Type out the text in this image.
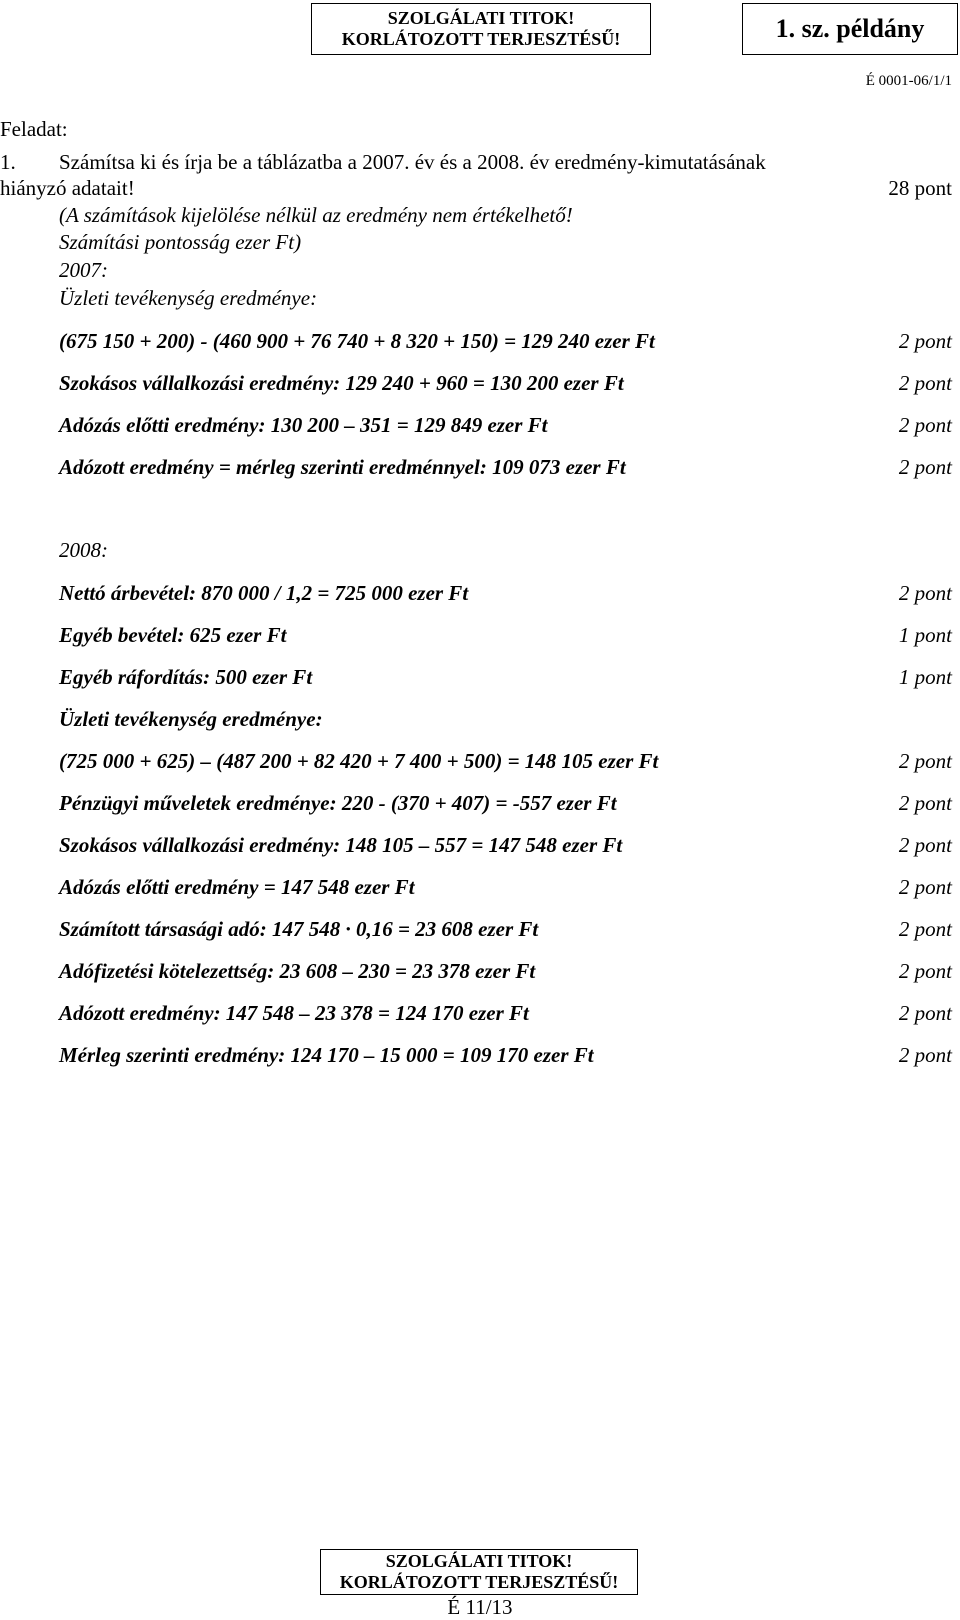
SZOLGÁLATI TITOK!
KORLÁTOZOTT TERJESZTÉSŰ!	1. sz. példány
É 0001-06/1/1
Feladat:
1. Számítsa ki és írja be a táblázatba a 2007. év és a 2008. év eredmény-kimutatásának
hiányzó adatait!	28 pont
(A számítások kijelölése nélkül az eredmény nem értékelhető!
Számítási pontosság ezer Ft)
2007:
Üzleti tevékenység eredménye:
(675 150 + 200) - (460 900 + 76 740 + 8 320 + 150) = 129 240 ezer Ft	2 pont
Szokásos vállalkozási eredmény: 129 240 + 960 = 130 200 ezer Ft	2 pont
Adózás előtti eredmény: 130 200 – 351 = 129 849 ezer Ft	2 pont
Adózott eredmény = mérleg szerinti eredménnyel: 109 073 ezer Ft	2 pont
2008:
Nettó árbevétel: 870 000 / 1,2 = 725 000 ezer Ft	2 pont
Egyéb bevétel: 625 ezer Ft	1 pont
Egyéb ráfordítás: 500 ezer Ft	1 pont
Üzleti tevékenység eredménye:
(725 000 + 625) – (487 200 + 82 420 + 7 400 + 500) = 148 105 ezer Ft	2 pont
Pénzügyi műveletek eredménye: 220 - (370 + 407) = -557 ezer Ft	2 pont
Szokásos vállalkozási eredmény: 148 105 – 557 = 147 548 ezer Ft	2 pont
Adózás előtti eredmény = 147 548 ezer Ft	2 pont
Számított társasági adó: 147 548 · 0,16 = 23 608 ezer Ft	2 pont
Adófizetési kötelezettség: 23 608 – 230 = 23 378 ezer Ft	2 pont
Adózott eredmény: 147 548 – 23 378 = 124 170 ezer Ft	2 pont
Mérleg szerinti eredmény: 124 170 – 15 000 = 109 170 ezer Ft	2 pont
SZOLGÁLATI TITOK!
KORLÁTOZOTT TERJESZTÉSŰ!
É 11/13
